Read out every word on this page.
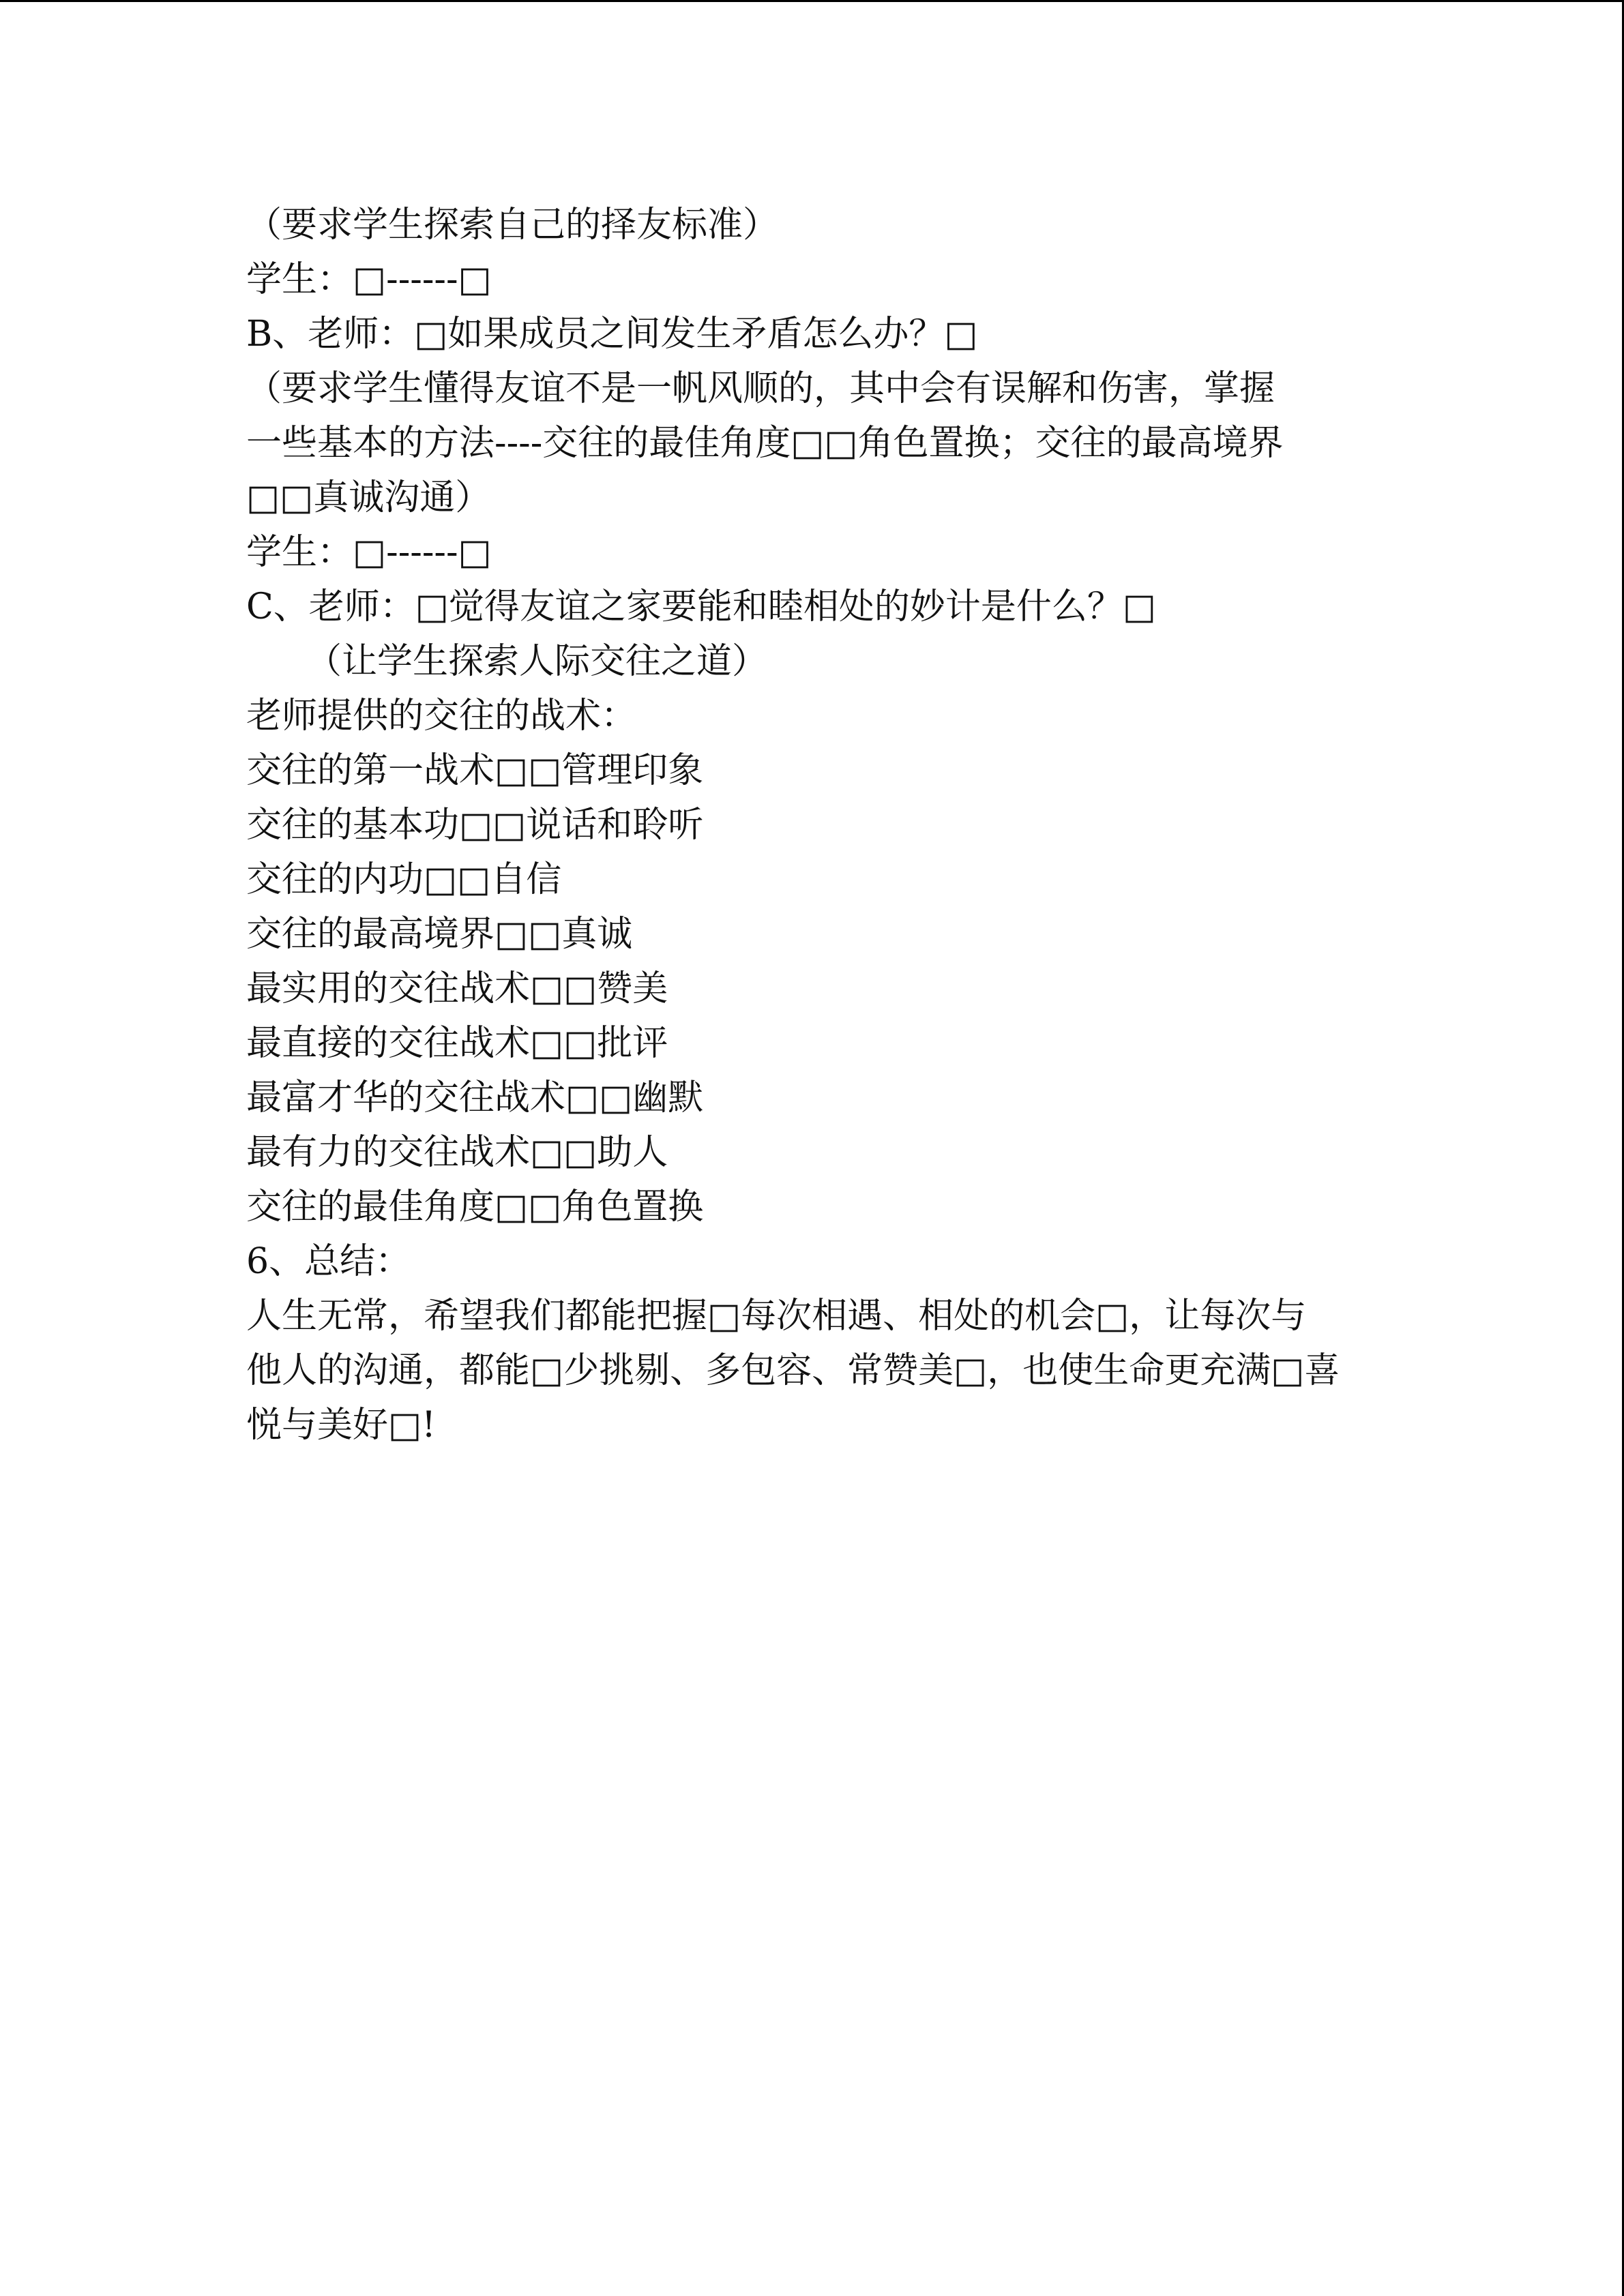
（要求学生探索自己的择友标准）
学生：□------□
B、老师：□如果成员之间发生矛盾怎么办？□
（要求学生懂得友谊不是一帆风顺的，其中会有误解和伤害，掌握
一些基本的方法----交往的最佳角度□□角色置换；交往的最高境界
□□真诚沟通）
学生：□------□
C、老师：□觉得友谊之家要能和睦相处的妙计是什么？□
（让学生探索人际交往之道）
老师提供的交往的战术：
交往的第一战术□□管理印象
交往的基本功□□说话和聆听
交往的内功□□自信
交往的最高境界□□真诚
最实用的交往战术□□赞美
最直接的交往战术□□批评
最富才华的交往战术□□幽默
最有力的交往战术□□助人
交往的最佳角度□□角色置换
6、总结：
人生无常，希望我们都能把握□每次相遇、相处的机会□，让每次与
他人的沟通，都能□少挑剔、多包容、常赞美□，也使生命更充满□喜
悦与美好□!
